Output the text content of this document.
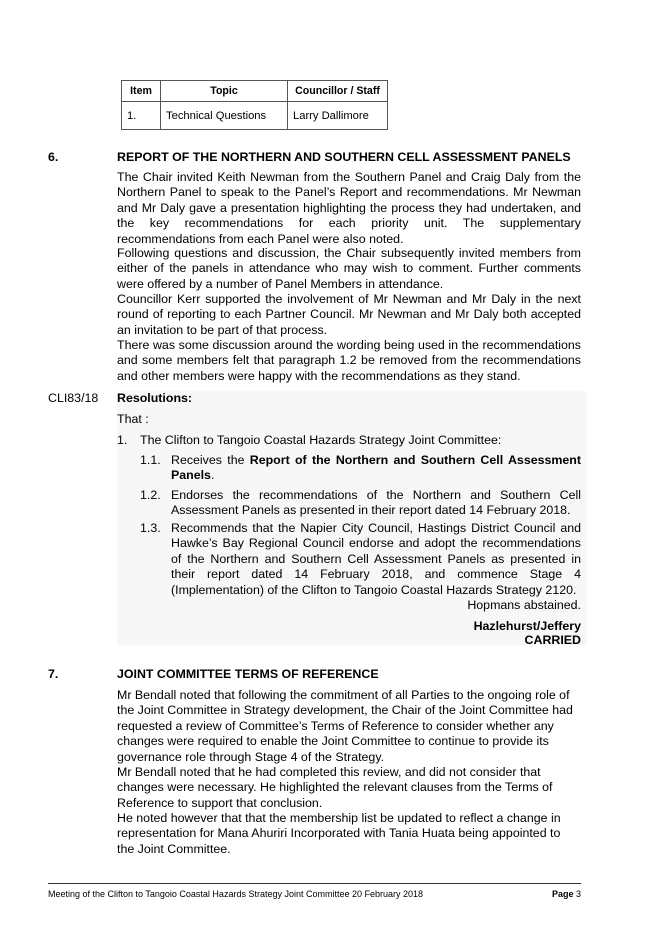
Item	Topic	Councillor / Staff
1.	Technical Questions	Larry Dallimore
6.	REPORT OF THE NORTHERN AND SOUTHERN CELL ASSESSMENT PANELS

The Chair invited Keith Newman from the Southern Panel and Craig Daly from the Northern Panel to speak to the Panel’s Report and recommendations. Mr Newman and Mr Daly gave a presentation highlighting the process they had undertaken, and the key recommendations for each priority unit. The supplementary recommendations from each Panel were also noted.

Following questions and discussion, the Chair subsequently invited members from either of the panels in attendance who may wish to comment. Further comments were offered by a number of Panel Members in attendance.

Councillor Kerr supported the involvement of Mr Newman and Mr Daly in the next round of reporting to each Partner Council. Mr Newman and Mr Daly both accepted an invitation to be part of that process.

There was some discussion around the wording being used in the recommendations and some members felt that paragraph 1.2 be removed from the recommendations and other members were happy with the recommendations as they stand.

CLI83/18 Resolutions:
That :
1. The Clifton to Tangoio Coastal Hazards Strategy Joint Committee:
1.1. Receives the Report of the Northern and Southern Cell Assessment Panels.

1.2. Endorses the recommendations of the Northern and Southern Cell Assessment Panels as presented in their report dated 14 February 2018.

1.3. Recommends that the Napier City Council, Hastings District Council and Hawke’s Bay Regional Council endorse and adopt the recommendations of the Northern and Southern Cell Assessment Panels as presented in their report dated 14 February 2018, and commence Stage 4 (Implementation) of the Clifton to Tangoio Coastal Hazards Strategy 2120.

Hopmans abstained.
Hazlehurst/Jeffery
CARRIED
7.	JOINT COMMITTEE TERMS OF REFERENCE

Mr Bendall noted that following the commitment of all Parties to the ongoing role of the Joint Committee in Strategy development, the Chair of the Joint Committee had requested a review of Committee’s Terms of Reference to consider whether any changes were required to enable the Joint Committee to continue to provide its governance role through Stage 4 of the Strategy.

Mr Bendall noted that he had completed this review, and did not consider that changes were necessary. He highlighted the relevant clauses from the Terms of Reference to support that conclusion.

He noted however that that the membership list be updated to reflect a change in representation for Mana Ahuriri Incorporated with Tania Huata being appointed to the Joint Committee.

Meeting of the Clifton to Tangoio Coastal Hazards Strategy Joint Committee 20 February 2018	Page 3
